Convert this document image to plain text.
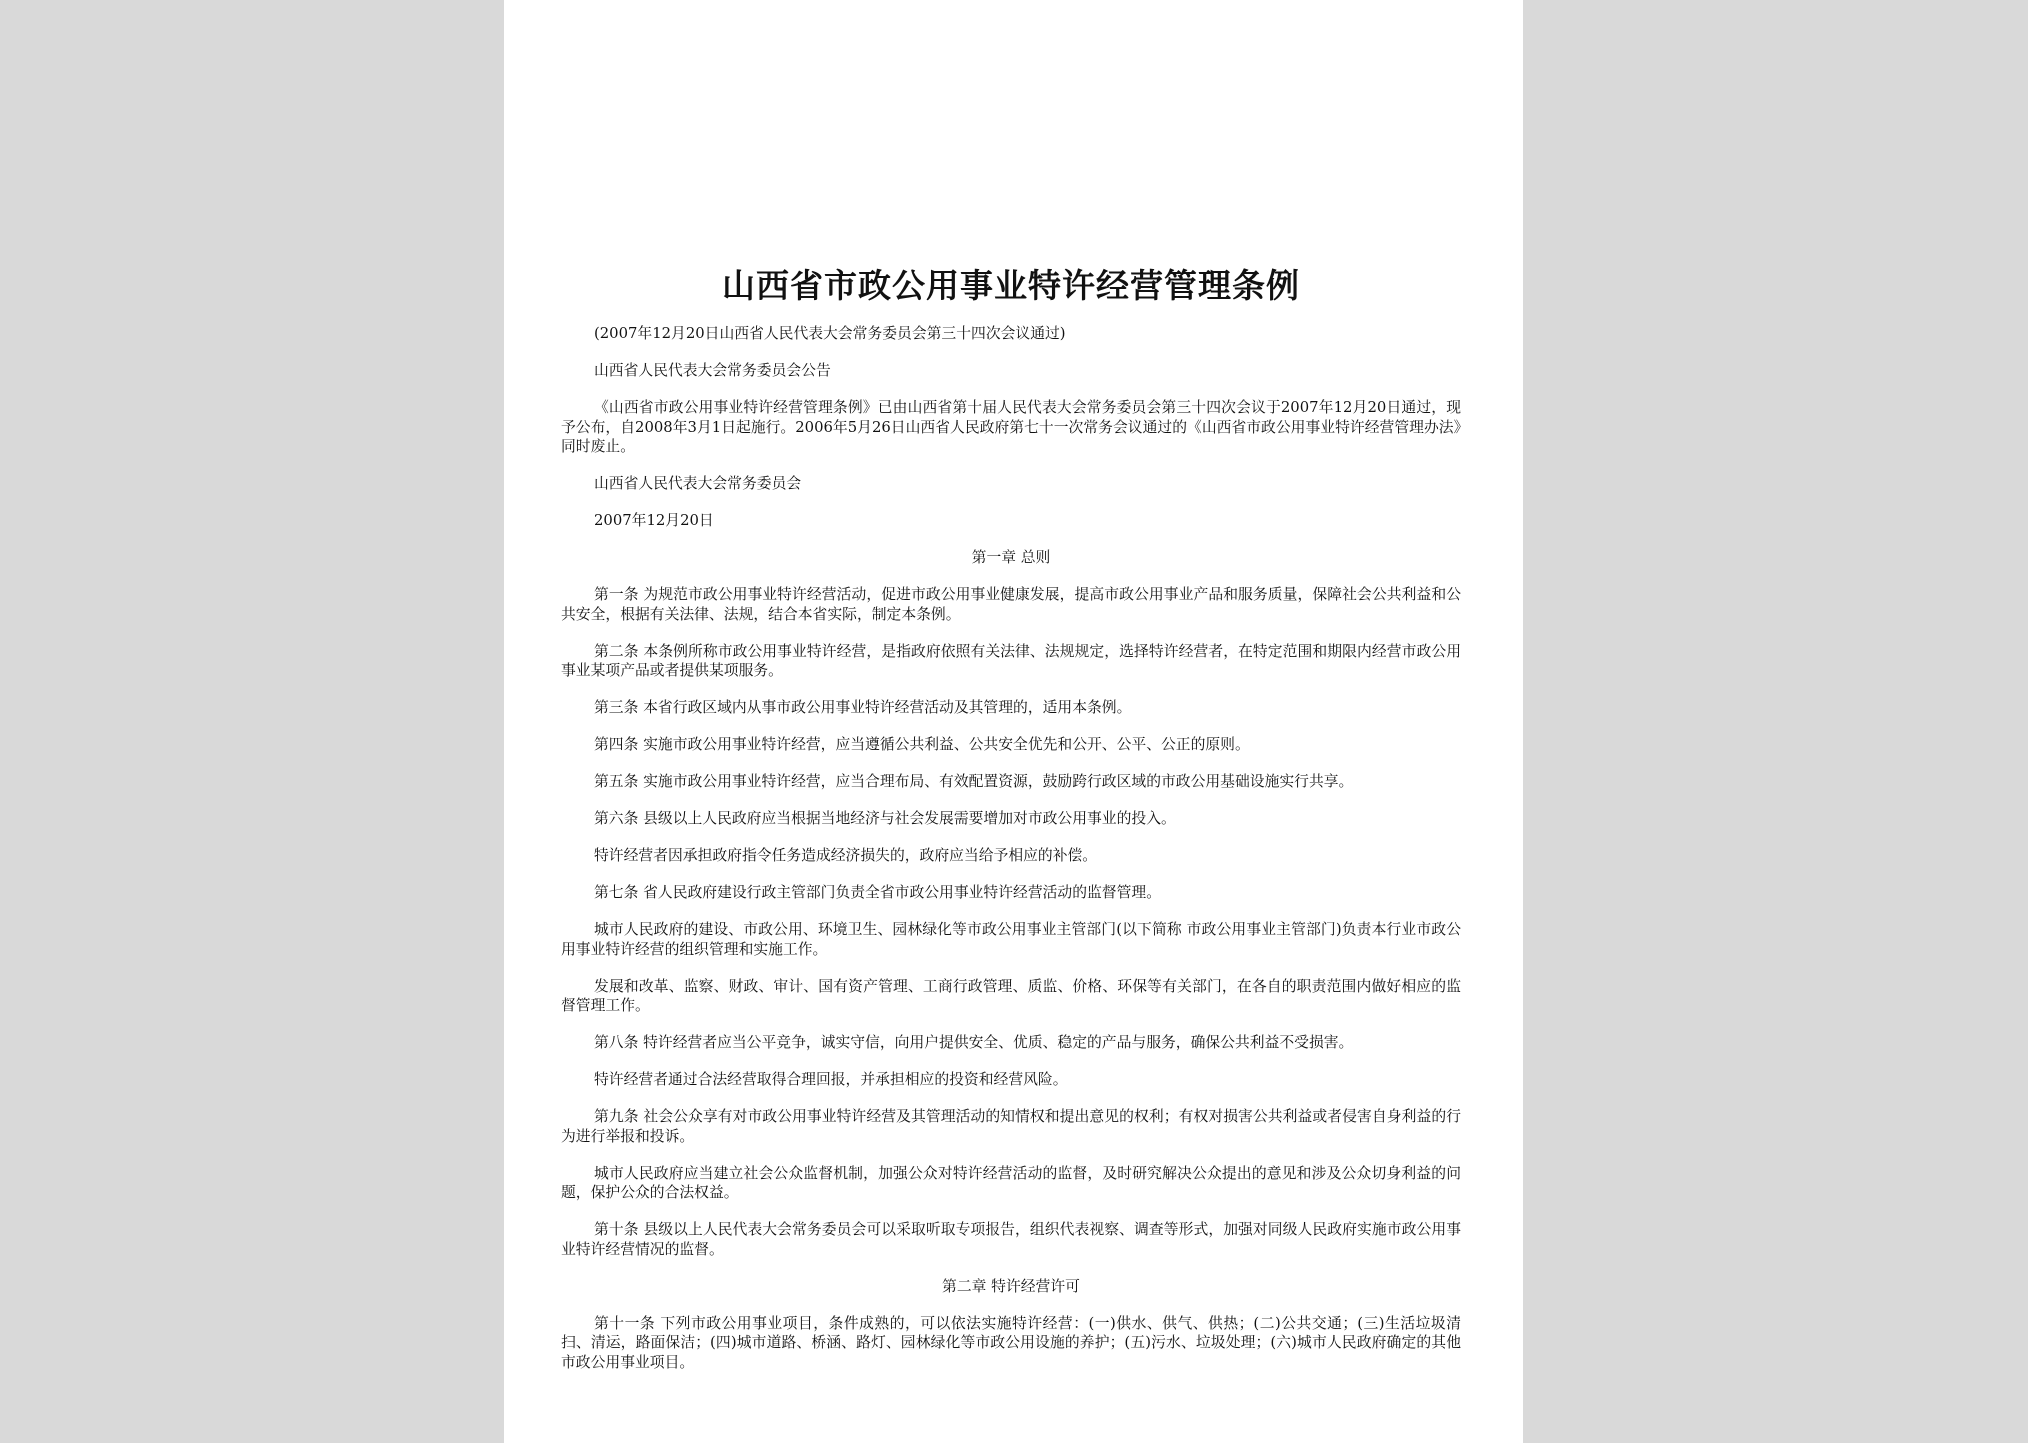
山西省市政公用事业特许经营管理条例
(2007年12月20日山西省人民代表大会常务委员会第三十四次会议通过)
山西省人民代表大会常务委员会公告
《山西省市政公用事业特许经营管理条例》已由山西省第十届人民代表大会常务委员会第三十四次会议于2007年12月20日通过，现予公布，自2008年3月1日起施行。2006年5月26日山西省人民政府第七十一次常务会议通过的《山西省市政公用事业特许经营管理办法》同时废止。
山西省人民代表大会常务委员会
2007年12月20日
第一章 总则
第一条 为规范市政公用事业特许经营活动，促进市政公用事业健康发展，提高市政公用事业产品和服务质量，保障社会公共利益和公共安全，根据有关法律、法规，结合本省实际，制定本条例。
第二条 本条例所称市政公用事业特许经营，是指政府依照有关法律、法规规定，选择特许经营者，在特定范围和期限内经营市政公用事业某项产品或者提供某项服务。
第三条 本省行政区域内从事市政公用事业特许经营活动及其管理的，适用本条例。
第四条 实施市政公用事业特许经营，应当遵循公共利益、公共安全优先和公开、公平、公正的原则。
第五条 实施市政公用事业特许经营，应当合理布局、有效配置资源，鼓励跨行政区域的市政公用基础设施实行共享。
第六条 县级以上人民政府应当根据当地经济与社会发展需要增加对市政公用事业的投入。
特许经营者因承担政府指令任务造成经济损失的，政府应当给予相应的补偿。
第七条 省人民政府建设行政主管部门负责全省市政公用事业特许经营活动的监督管理。
城市人民政府的建设、市政公用、环境卫生、园林绿化等市政公用事业主管部门(以下简称 市政公用事业主管部门)负责本行业市政公用事业特许经营的组织管理和实施工作。
发展和改革、监察、财政、审计、国有资产管理、工商行政管理、质监、价格、环保等有关部门，在各自的职责范围内做好相应的监督管理工作。
第八条 特许经营者应当公平竞争，诚实守信，向用户提供安全、优质、稳定的产品与服务，确保公共利益不受损害。
特许经营者通过合法经营取得合理回报，并承担相应的投资和经营风险。
第九条 社会公众享有对市政公用事业特许经营及其管理活动的知情权和提出意见的权利；有权对损害公共利益或者侵害自身利益的行为进行举报和投诉。
城市人民政府应当建立社会公众监督机制，加强公众对特许经营活动的监督，及时研究解决公众提出的意见和涉及公众切身利益的问题，保护公众的合法权益。
第十条 县级以上人民代表大会常务委员会可以采取听取专项报告，组织代表视察、调查等形式，加强对同级人民政府实施市政公用事业特许经营情况的监督。
第二章 特许经营许可
第十一条 下列市政公用事业项目，条件成熟的，可以依法实施特许经营：(一)供水、供气、供热；(二)公共交通；(三)生活垃圾清扫、清运，路面保洁；(四)城市道路、桥涵、路灯、园林绿化等市政公用设施的养护；(五)污水、垃圾处理；(六)城市人民政府确定的其他市政公用事业项目。
